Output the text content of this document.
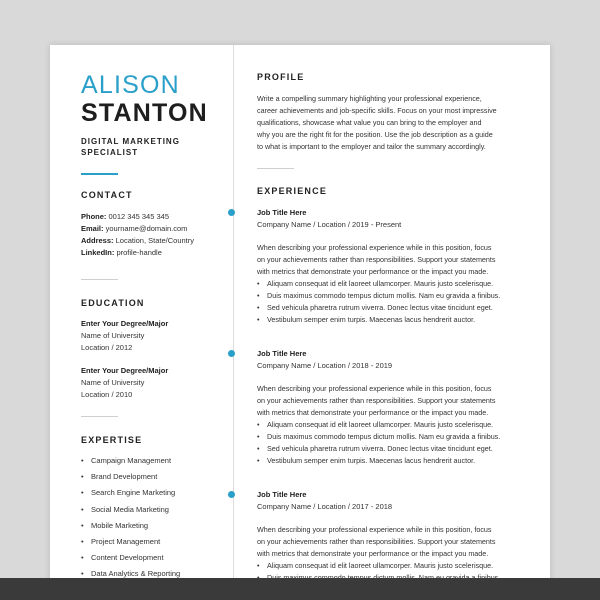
ALISON
STANTON
DIGITAL MARKETING
SPECIALIST
CONTACT
Phone: 0012 345 345 345
Email: yourname@domain.com
Address: Location, State/Country
LinkedIn: profile-handle
EDUCATION
Enter Your Degree/Major
Name of University
Location / 2012
Enter Your Degree/Major
Name of University
Location / 2010
EXPERTISE
• Campaign Management
• Brand Development
• Search Engine Marketing
• Social Media Marketing
• Mobile Marketing
• Project Management
• Content Development
• Data Analytics & Reporting
PROFILE
Write a compelling summary highlighting your professional experience,
career achievements and job-specific skills. Focus on your most impressive
qualifications, showcase what value you can bring to the employer and
why you are the right fit for the position. Use the job description as a guide
to what is important to the employer and tailor the summary accordingly.
EXPERIENCE
Job Title Here
Company Name / Location / 2019 - Present
When describing your professional experience while in this position, focus
on your achievements rather than responsibilities. Support your statements
with metrics that demonstrate your performance or the impact you made.
• Aliquam consequat id elit laoreet ullamcorper. Mauris justo scelerisque.
• Duis maximus commodo tempus dictum mollis. Nam eu gravida a finibus.
• Sed vehicula pharetra rutrum viverra. Donec lectus vitae tincidunt eget.
• Vestibulum semper enim turpis. Maecenas lacus hendrerit auctor.
Job Title Here
Company Name / Location / 2018 - 2019
When describing your professional experience while in this position, focus
on your achievements rather than responsibilities. Support your statements
with metrics that demonstrate your performance or the impact you made.
• Aliquam consequat id elit laoreet ullamcorper. Mauris justo scelerisque.
• Duis maximus commodo tempus dictum mollis. Nam eu gravida a finibus.
• Sed vehicula pharetra rutrum viverra. Donec lectus vitae tincidunt eget.
• Vestibulum semper enim turpis. Maecenas lacus hendrerit auctor.
Job Title Here
Company Name / Location / 2017 - 2018
When describing your professional experience while in this position, focus
on your achievements rather than responsibilities. Support your statements
with metrics that demonstrate your performance or the impact you made.
• Aliquam consequat id elit laoreet ullamcorper. Mauris justo scelerisque.
•
